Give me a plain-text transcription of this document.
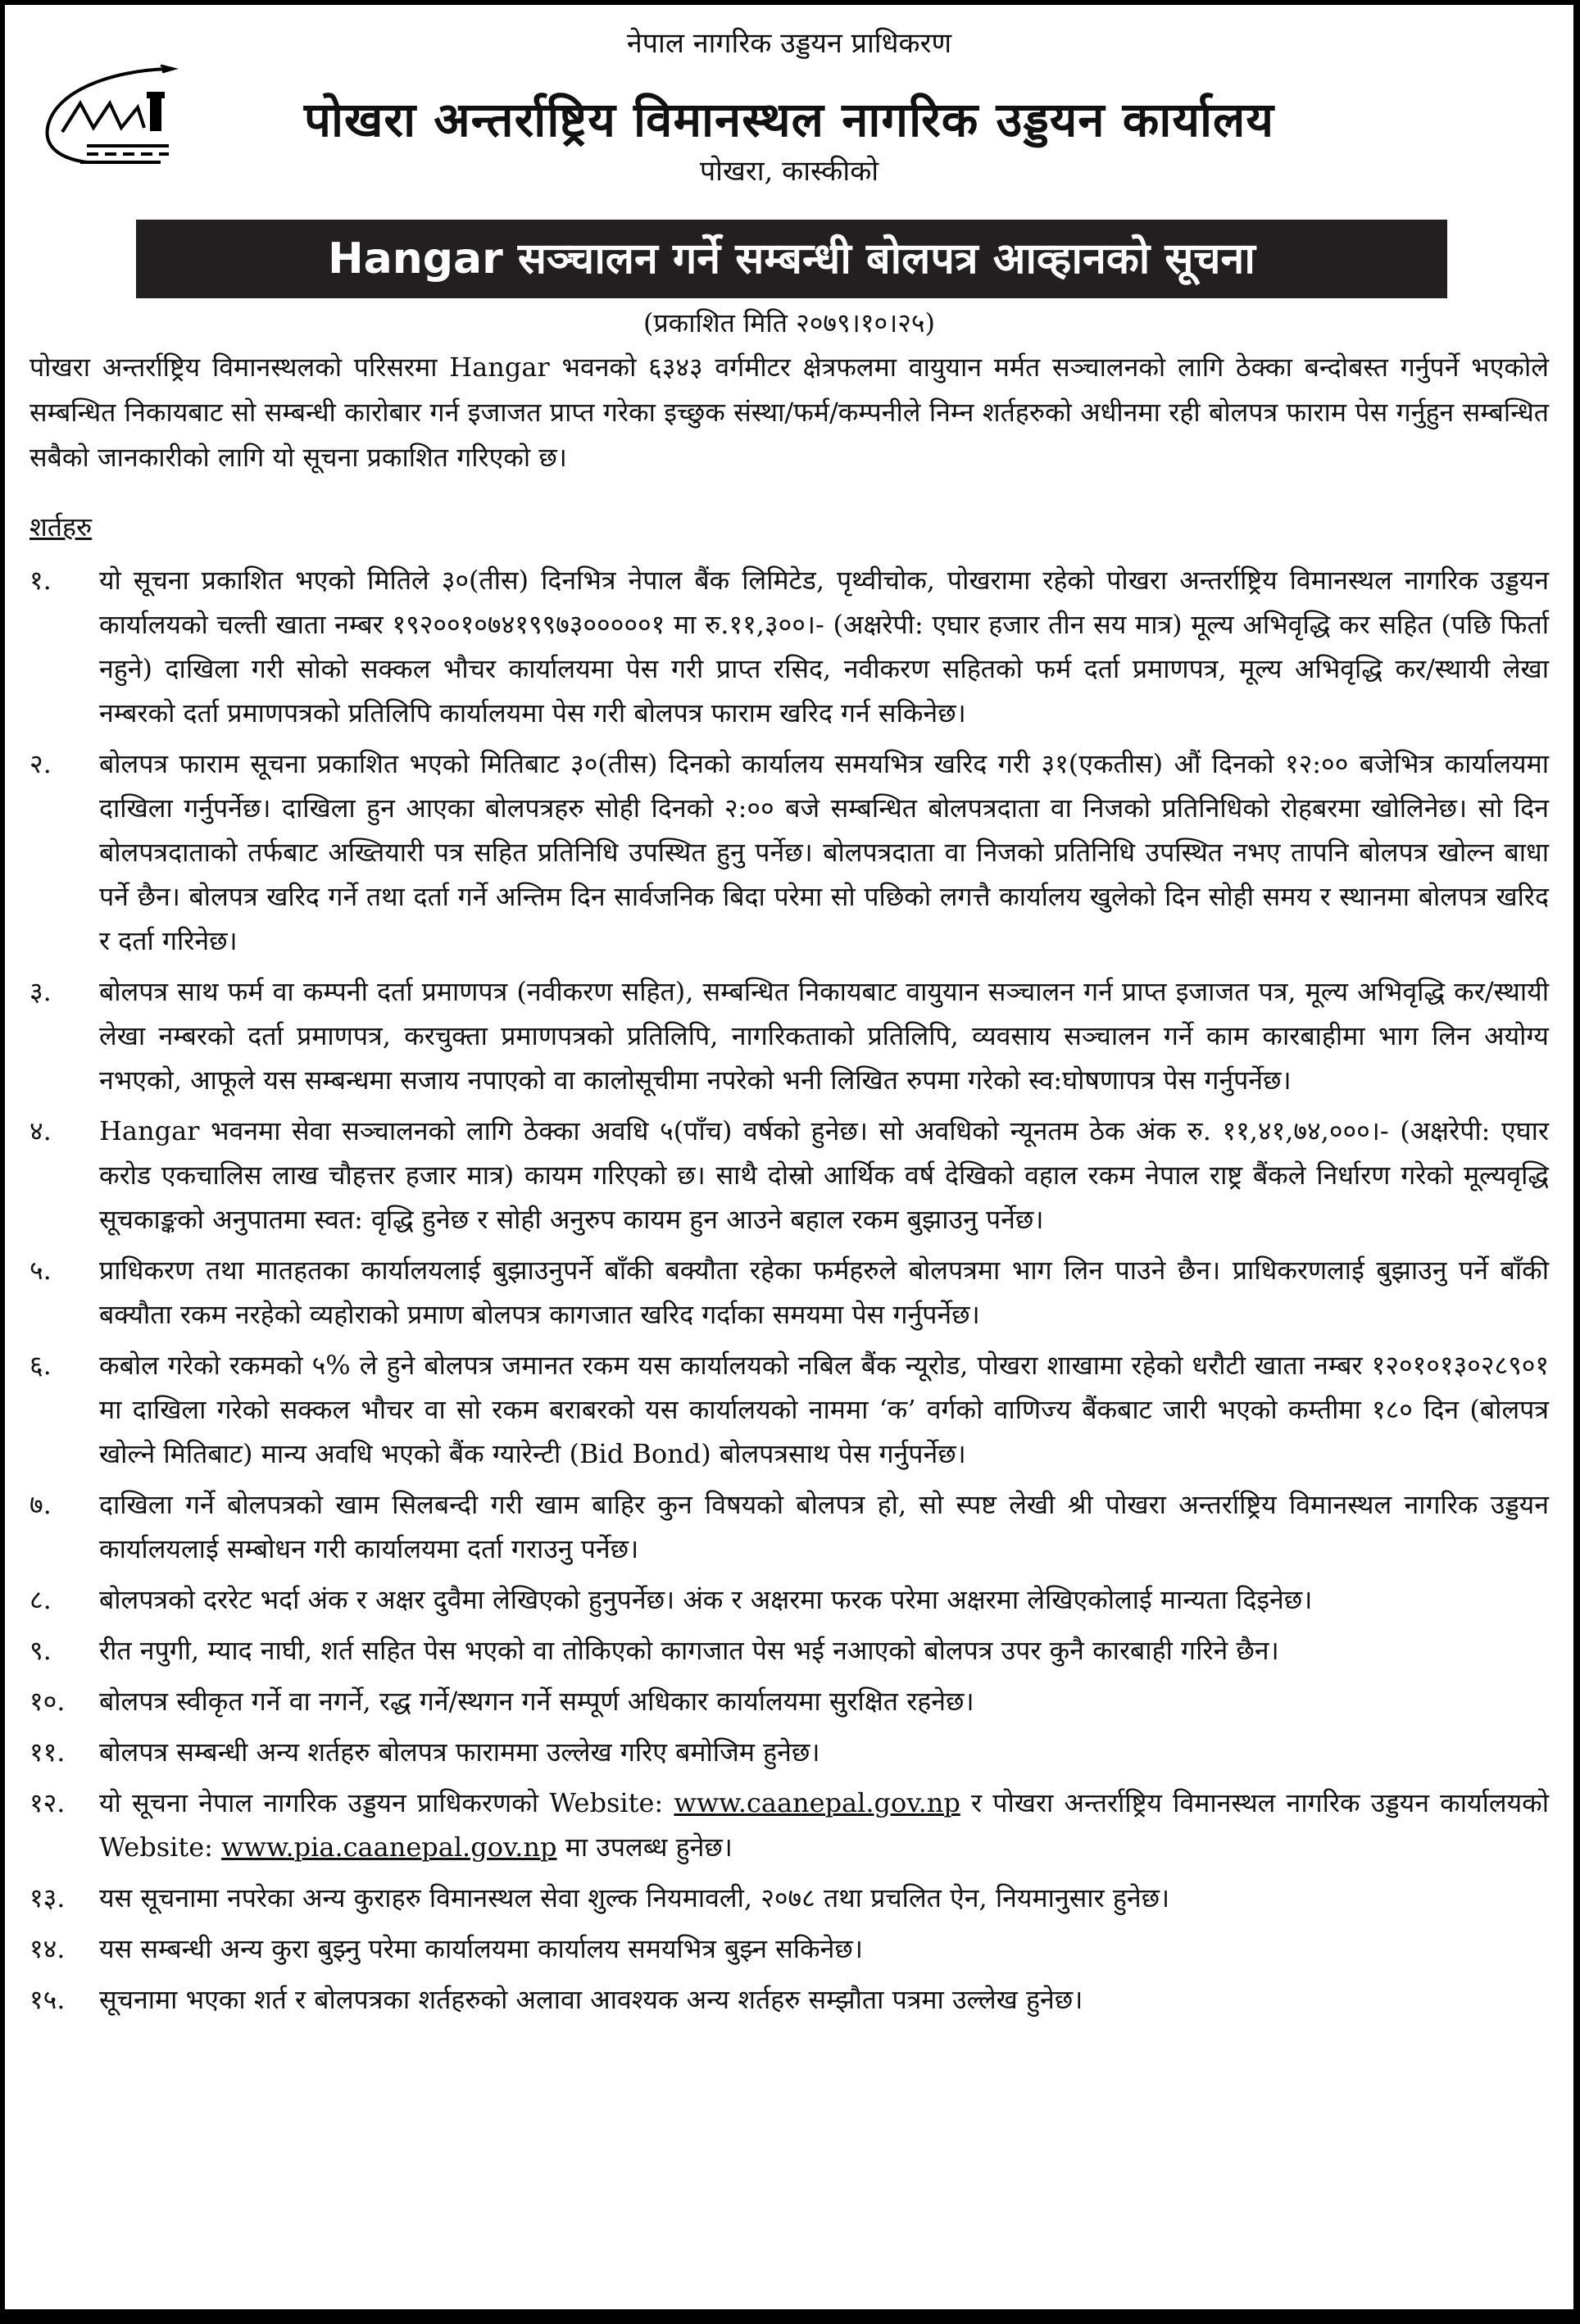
नेपाल नागरिक उड्डयन प्राधिकरण
पोखरा अन्तर्राष्ट्रिय विमानस्थल नागरिक उड्डयन कार्यालय
पोखरा, कास्कीको
Hangar सञ्चालन गर्ने सम्बन्धी बोलपत्र आव्हानको सूचना
(प्रकाशित मिति २०७९।१०।२५)
पोखरा अन्तर्राष्ट्रिय विमानस्थलको परिसरमा Hangar भवनको ६३४३ वर्गमीटर क्षेत्रफलमा वायुयान मर्मत सञ्चालनको लागि ठेक्का बन्दोबस्त गर्नुपर्ने भएकोले सम्बन्धित निकायबाट सो सम्बन्धी कारोबार गर्न इजाजत प्राप्त गरेका इच्छुक संस्था/फर्म/कम्पनीले निम्न शर्तहरुको अधीनमा रही बोलपत्र फाराम पेस गर्नुहुन सम्बन्धित सबैको जानकारीको लागि यो सूचना प्रकाशित गरिएको छ।
शर्तहरु
१.	यो सूचना प्रकाशित भएको मितिले ३०(तीस) दिनभित्र नेपाल बैंक लिमिटेड, पृथ्वीचोक, पोखरामा रहेको पोखरा अन्तर्राष्ट्रिय विमानस्थल नागरिक उड्डयन कार्यालयको चल्ती खाता नम्बर १९२००१०७४१९९७३०००००१ मा रु.११,३००।- (अक्षरेपी: एघार हजार तीन सय मात्र) मूल्य अभिवृद्धि कर सहित (पछि फिर्ता नहुने) दाखिला गरी सोको सक्कल भौचर कार्यालयमा पेस गरी प्राप्त रसिद, नवीकरण सहितको फर्म दर्ता प्रमाणपत्र, मूल्य अभिवृद्धि कर/स्थायी लेखा नम्बरको दर्ता प्रमाणपत्रको प्रतिलिपि कार्यालयमा पेस गरी बोलपत्र फाराम खरिद गर्न सकिनेछ।
२.	बोलपत्र फाराम सूचना प्रकाशित भएको मितिबाट ३०(तीस) दिनको कार्यालय समयभित्र खरिद गरी ३१(एकतीस) औं दिनको १२:०० बजेभित्र कार्यालयमा दाखिला गर्नुपर्नेछ। दाखिला हुन आएका बोलपत्रहरु सोही दिनको २:०० बजे सम्बन्धित बोलपत्रदाता वा निजको प्रतिनिधिको रोहबरमा खोलिनेछ। सो दिन बोलपत्रदाताको तर्फबाट अख्तियारी पत्र सहित प्रतिनिधि उपस्थित हुनु पर्नेछ। बोलपत्रदाता वा निजको प्रतिनिधि उपस्थित नभए तापनि बोलपत्र खोल्न बाधा पर्ने छैन। बोलपत्र खरिद गर्ने तथा दर्ता गर्ने अन्तिम दिन सार्वजनिक बिदा परेमा सो पछिको लगत्तै कार्यालय खुलेको दिन सोही समय र स्थानमा बोलपत्र खरिद र दर्ता गरिनेछ।
३.	बोलपत्र साथ फर्म वा कम्पनी दर्ता प्रमाणपत्र (नवीकरण सहित), सम्बन्धित निकायबाट वायुयान सञ्चालन गर्न प्राप्त इजाजत पत्र, मूल्य अभिवृद्धि कर/स्थायी लेखा नम्बरको दर्ता प्रमाणपत्र, करचुक्ता प्रमाणपत्रको प्रतिलिपि, नागरिकताको प्रतिलिपि, व्यवसाय सञ्चालन गर्ने काम कारबाहीमा भाग लिन अयोग्य नभएको, आफूले यस सम्बन्धमा सजाय नपाएको वा कालोसूचीमा नपरेको भनी लिखित रुपमा गरेको स्व:घोषणापत्र पेस गर्नुपर्नेछ।
४.	Hangar भवनमा सेवा सञ्चालनको लागि ठेक्का अवधि ५(पाँच) वर्षको हुनेछ। सो अवधिको न्यूनतम ठेक अंक रु. ११,४१,७४,०००।- (अक्षरेपी: एघार करोड एकचालिस लाख चौहत्तर हजार मात्र) कायम गरिएको छ। साथै दोस्रो आर्थिक वर्ष देखिको वहाल रकम नेपाल राष्ट्र बैंकले निर्धारण गरेको मूल्यवृद्धि सूचकाङ्कको अनुपातमा स्वत: वृद्धि हुनेछ र सोही अनुरुप कायम हुन आउने बहाल रकम बुझाउनु पर्नेछ।
५.	प्राधिकरण तथा मातहतका कार्यालयलाई बुझाउनुपर्ने बाँकी बक्यौता रहेका फर्महरुले बोलपत्रमा भाग लिन पाउने छैन। प्राधिकरणलाई बुझाउनु पर्ने बाँकी बक्यौता रकम नरहेको व्यहोराको प्रमाण बोलपत्र कागजात खरिद गर्दाका समयमा पेस गर्नुपर्नेछ।
६.	कबोल गरेको रकमको ५% ले हुने बोलपत्र जमानत रकम यस कार्यालयको नबिल बैंक न्यूरोड, पोखरा शाखामा रहेको धरौटी खाता नम्बर १२०१०१३०२८९०१ मा दाखिला गरेको सक्कल भौचर वा सो रकम बराबरको यस कार्यालयको नाममा ‘क’ वर्गको वाणिज्य बैंकबाट जारी भएको कम्तीमा १८० दिन (बोलपत्र खोल्ने मितिबाट) मान्य अवधि भएको बैंक ग्यारेन्टी (Bid Bond) बोलपत्रसाथ पेस गर्नुपर्नेछ।
७.	दाखिला गर्ने बोलपत्रको खाम सिलबन्दी गरी खाम बाहिर कुन विषयको बोलपत्र हो, सो स्पष्ट लेखी श्री पोखरा अन्तर्राष्ट्रिय विमानस्थल नागरिक उड्डयन कार्यालयलाई सम्बोधन गरी कार्यालयमा दर्ता गराउनु पर्नेछ।
८.	बोलपत्रको दररेट भर्दा अंक र अक्षर दुवैमा लेखिएको हुनुपर्नेछ। अंक र अक्षरमा फरक परेमा अक्षरमा लेखिएकोलाई मान्यता दिइनेछ।
९.	रीत नपुगी, म्याद नाघी, शर्त सहित पेस भएको वा तोकिएको कागजात पेस भई नआएको बोलपत्र उपर कुनै कारबाही गरिने छैन।
१०.	बोलपत्र स्वीकृत गर्ने वा नगर्ने, रद्ध गर्ने/स्थगन गर्ने सम्पूर्ण अधिकार कार्यालयमा सुरक्षित रहनेछ।
११.	बोलपत्र सम्बन्धी अन्य शर्तहरु बोलपत्र फाराममा उल्लेख गरिए बमोजिम हुनेछ।
१२.	यो सूचना नेपाल नागरिक उड्डयन प्राधिकरणको Website: www.caanepal.gov.np र पोखरा अन्तर्राष्ट्रिय विमानस्थल नागरिक उड्डयन कार्यालयको Website: www.pia.caanepal.gov.np मा उपलब्ध हुनेछ।
१३.	यस सूचनामा नपरेका अन्य कुराहरु विमानस्थल सेवा शुल्क नियमावली, २०७८ तथा प्रचलित ऐन, नियमानुसार हुनेछ।
१४.	यस सम्बन्धी अन्य कुरा बुझ्नु परेमा कार्यालयमा कार्यालय समयभित्र बुझ्न सकिनेछ।
१५.	सूचनामा भएका शर्त र बोलपत्रका शर्तहरुको अलावा आवश्यक अन्य शर्तहरु सम्झौता पत्रमा उल्लेख हुनेछ।
